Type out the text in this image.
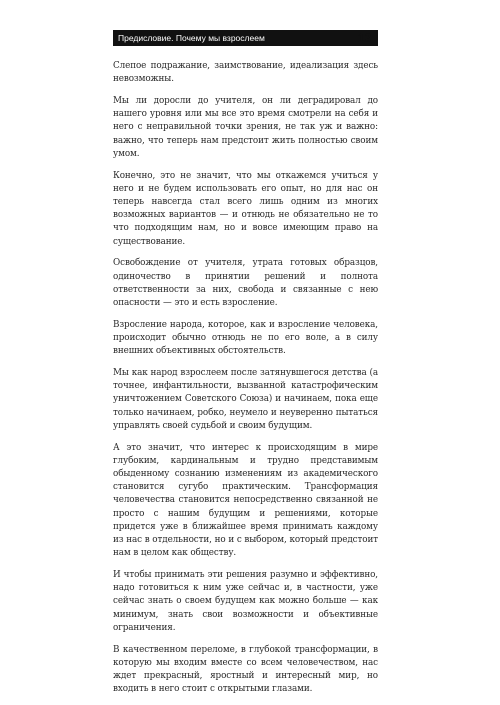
Предисловие. Почему мы взрослеем	13

Слепое подражание, заимствование, идеализация здесь невозможны.

Мы ли доросли до учителя, он ли деградировал до нашего уровня или мы все это время смотрели на себя и него с неправильной точки зрения, не так уж и важно: важно, что теперь нам предстоит жить полностью своим умом.

Конечно, это не значит, что мы откажемся учиться у него и не будем использовать его опыт, но для нас он теперь навсегда стал всего лишь одним из многих возможных вариантов — и отнюдь не обязательно не то что подходящим нам, но и вовсе имеющим право на существование.

Освобождение от учителя, утрата готовых образцов, одиночество в принятии решений и полнота ответственности за них, свобода и связанные с нею опасности — это и есть взросление.

Взросление народа, которое, как и взросление человека, происходит обычно отнюдь не по его воле, а в силу внешних объективных обстоятельств.

Мы как народ взрослеем после затянувшегося детства (а точнее, инфантильности, вызванной катастрофическим уничтожением Советского Союза) и начинаем, пока еще только начинаем, робко, неумело и неуверенно пытаться управлять своей судьбой и своим будущим.

А это значит, что интерес к происходящим в мире глубоким, кардинальным и трудно представимым обыденному сознанию изменениям из академического становится сугубо практическим. Трансформация человечества становится непосредственно связанной не просто с нашим будущим и решениями, которые придется уже в ближайшее время принимать каждому из нас в отдельности, но и с выбором, который предстоит нам в целом как обществу.

И чтобы принимать эти решения разумно и эффективно, надо готовиться к ним уже сейчас и, в частности, уже сейчас знать о своем будущем как можно больше — как минимум, знать свои возможности и объективные ограничения.

В качественном переломе, в глубокой трансформации, в которую мы входим вместе со всем человечеством, нас ждет прекрасный, яростный и интересный мир, но входить в него стоит с открытыми глазами.
